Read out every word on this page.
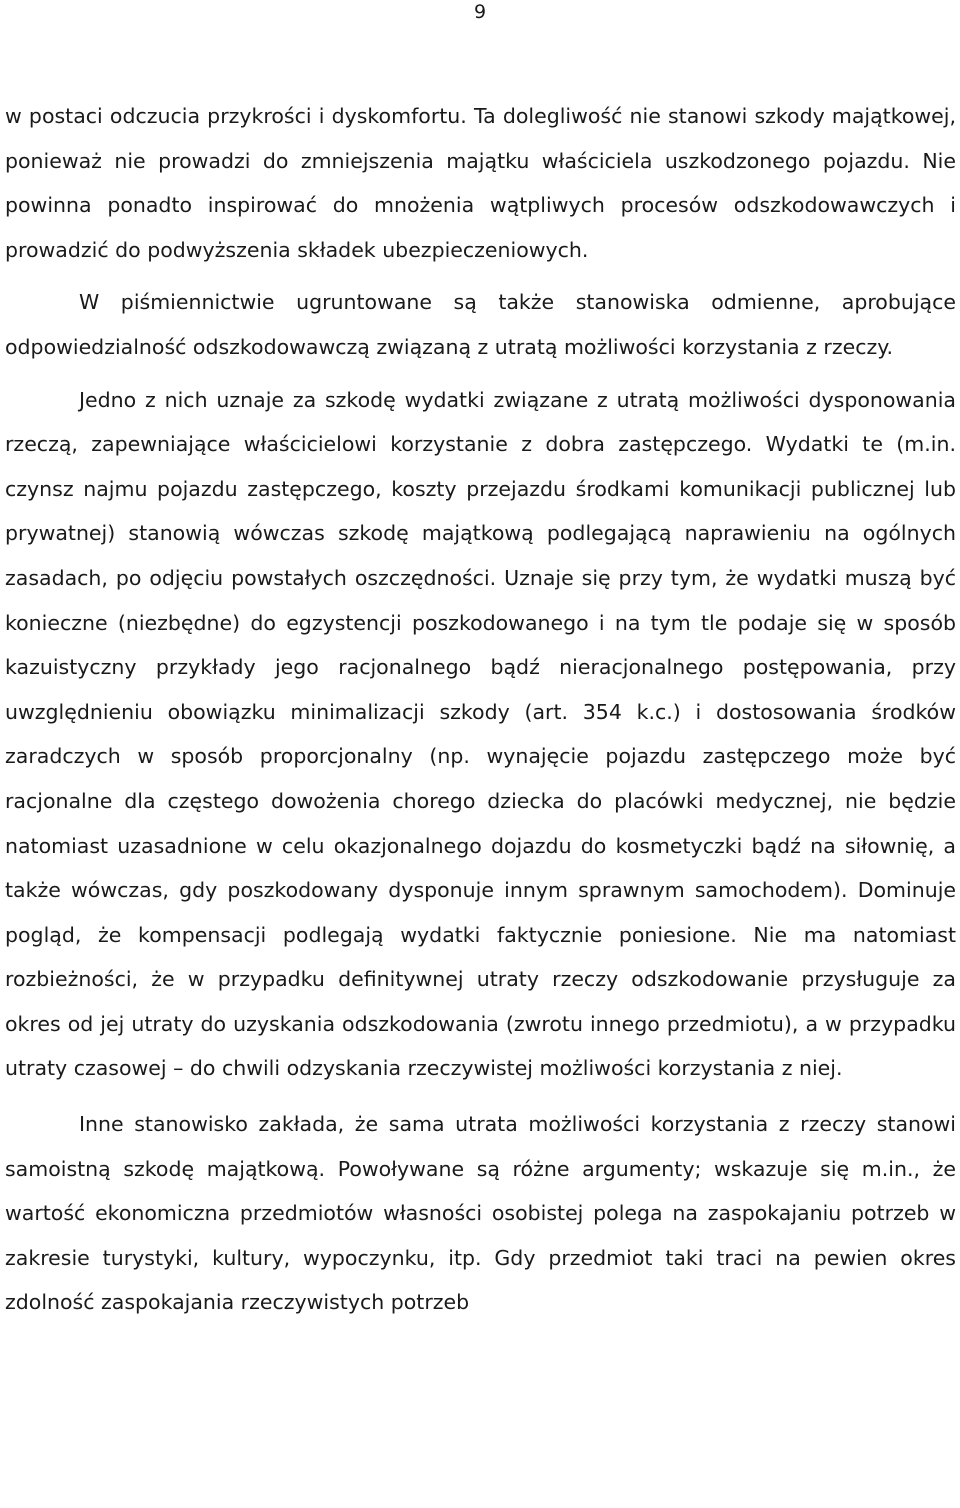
9

w postaci odczucia przykrości i dyskomfortu. Ta dolegliwość nie stanowi szkody majątkowej, ponieważ nie prowadzi do zmniejszenia majątku właściciela uszkodzonego pojazdu. Nie powinna ponadto inspirować do mnożenia wątpliwych procesów odszkodowawczych i prowadzić do podwyższenia składek ubezpieczeniowych.

W piśmiennictwie ugruntowane są także stanowiska odmienne, aprobujące odpowiedzialność odszkodowawczą związaną z utratą możliwości korzystania z rzeczy.

Jedno z nich uznaje za szkodę wydatki związane z utratą możliwości dysponowania rzeczą, zapewniające właścicielowi korzystanie z dobra zastępczego. Wydatki te (m.in. czynsz najmu pojazdu zastępczego, koszty przejazdu środkami komunikacji publicznej lub prywatnej) stanowią wówczas szkodę majątkową podlegającą naprawieniu na ogólnych zasadach, po odjęciu powstałych oszczędności. Uznaje się przy tym, że wydatki muszą być konieczne (niezbędne) do egzystencji poszkodowanego i na tym tle podaje się w sposób kazuistyczny przykłady jego racjonalnego bądź nieracjonalnego postępowania, przy uwzględnieniu obowiązku minimalizacji szkody (art. 354 k.c.) i dostosowania środków zaradczych w sposób proporcjonalny (np. wynajęcie pojazdu zastępczego może być racjonalne dla częstego dowożenia chorego dziecka do placówki medycznej, nie będzie natomiast uzasadnione w celu okazjonalnego dojazdu do kosmetyczki bądź na siłownię, a także wówczas, gdy poszkodowany dysponuje innym sprawnym samochodem). Dominuje pogląd, że kompensacji podlegają wydatki faktycznie poniesione. Nie ma natomiast rozbieżności, że w przypadku definitywnej utraty rzeczy odszkodowanie przysługuje za okres od jej utraty do uzyskania odszkodowania (zwrotu innego przedmiotu), a w przypadku utraty czasowej – do chwili odzyskania rzeczywistej możliwości korzystania z niej.

Inne stanowisko zakłada, że sama utrata możliwości korzystania z rzeczy stanowi samoistną szkodę majątkową. Powoływane są różne argumenty; wskazuje się m.in., że wartość ekonomiczna przedmiotów własności osobistej polega na zaspokajaniu potrzeb w zakresie turystyki, kultury, wypoczynku, itp. Gdy przedmiot taki traci na pewien okres zdolność zaspokajania rzeczywistych potrzeb
